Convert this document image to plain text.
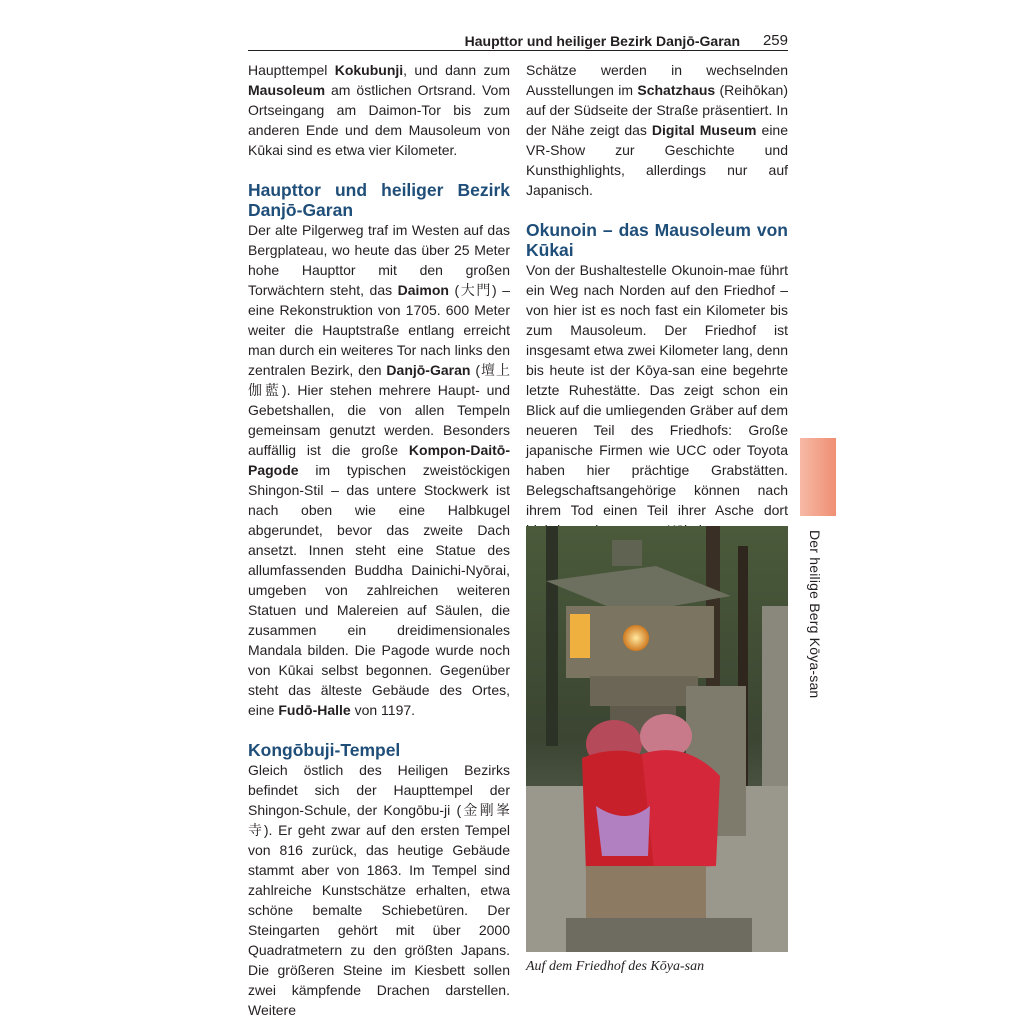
Haupttor und heiliger Bezirk Danjō-Garan 259

Haupttempel Kokubunji, und dann zum Mausoleum am östlichen Ortsrand. Vom Ortseingang am Daimon-Tor bis zum anderen Ende und dem Mausoleum von Kūkai sind es etwa vier Kilometer.

Haupttor und heiliger Bezirk Danjō-Garan

Der alte Pilgerweg traf im Westen auf das Bergplateau, wo heute das über 25 Meter hohe Haupttor mit den großen Torwächtern steht, das Daimon (大門) – eine Rekonstruktion von 1705. 600 Meter weiter die Hauptstraße entlang erreicht man durch ein weiteres Tor nach links den zentralen Bezirk, den Danjō-Garan (壇上伽藍). Hier stehen mehrere Haupt- und Gebetshallen, die von allen Tempeln gemeinsam genutzt werden. Besonders auffällig ist die große Kompon-Daitō-Pagode im typischen zweistöckigen Shingon-Stil – das untere Stockwerk ist nach oben wie eine Halbkugel abgerundet, bevor das zweite Dach ansetzt. Innen steht eine Statue des allumfassenden Buddha Dainichi-Nyōrai, umgeben von zahlreichen weiteren Statuen und Malereien auf Säulen, die zusammen ein dreidimensionales Mandala bilden. Die Pagode wurde noch von Kūkai selbst begonnen. Gegenüber steht das älteste Gebäude des Ortes, eine Fudō-Halle von 1197.

Kongōbuji-Tempel

Gleich östlich des Heiligen Bezirks befindet sich der Haupttempel der Shingon-Schule, der Kongōbu-ji (金剛峯寺). Er geht zwar auf den ersten Tempel von 816 zurück, das heutige Gebäude stammt aber von 1863. Im Tempel sind zahlreiche Kunstschätze erhalten, etwa schöne bemalte Schiebetüren. Der Steingarten gehört mit über 2000 Quadratmetern zu den größten Japans. Die größeren Steine im Kiesbett sollen zwei kämpfende Drachen darstellen. Weitere

Schätze werden in wechselnden Ausstellungen im Schatzhaus (Reihōkan) auf der Südseite der Straße präsentiert. In der Nähe zeigt das Digital Museum eine VR-Show zur Geschichte und Kunsthighlights, allerdings nur auf Japanisch.

Okunoin – das Mausoleum von Kūkai

Von der Bushaltestelle Okunoin-mae führt ein Weg nach Norden auf den Friedhof – von hier ist es noch fast ein Kilometer bis zum Mausoleum. Der Friedhof ist insgesamt etwa zwei Kilometer lang, denn bis heute ist der Kōya-san eine begehrte letzte Ruhestätte. Das zeigt schon ein Blick auf die umliegenden Gräber auf dem neueren Teil des Friedhofs: Große japanische Firmen wie UCC oder Toyota haben hier prächtige Grabstätten. Belegschaftsangehörige können nach ihrem Tod einen Teil ihrer Asche dort

Auf dem Friedhof des Kōya-san
Der heilige Berg Kōya-san
